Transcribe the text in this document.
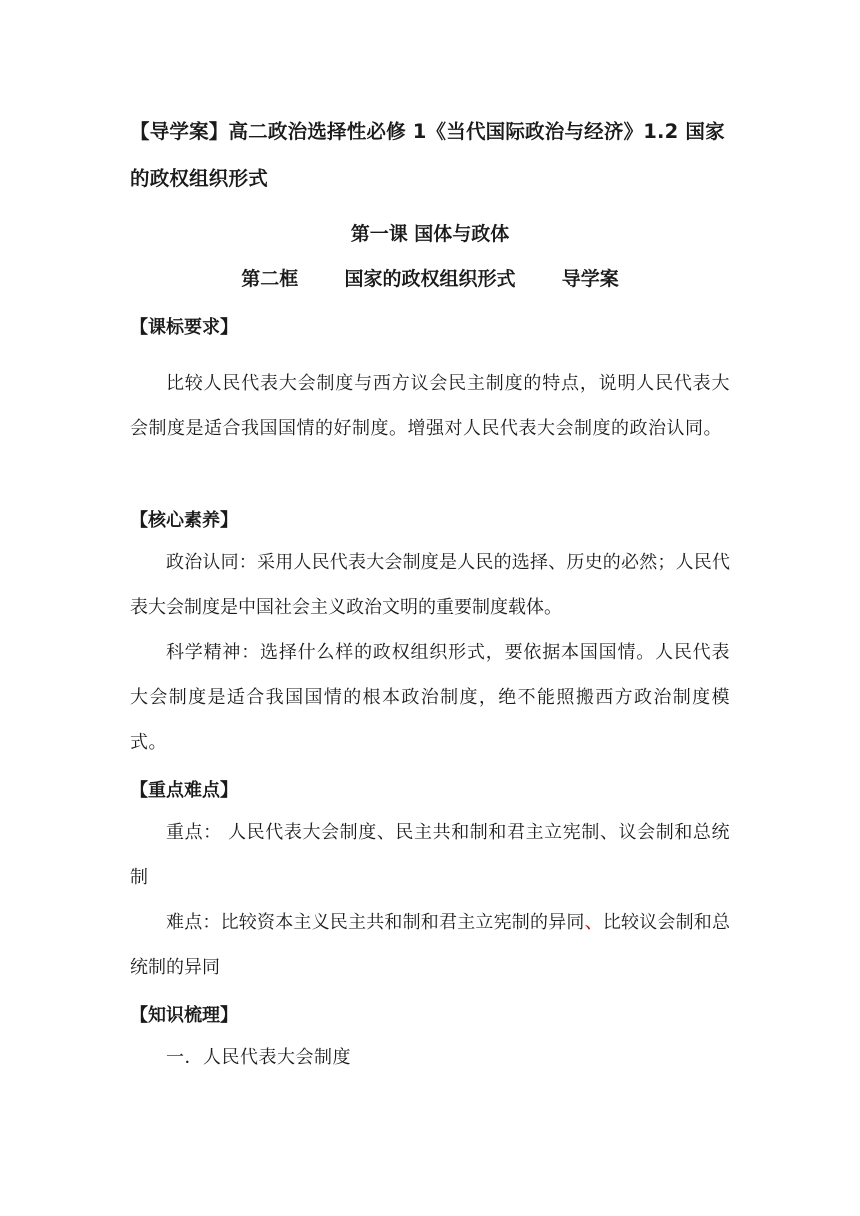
【导学案】高二政治选择性必修 1《当代国际政治与经济》1.2 国家的政权组织形式

第一课 国体与政体

第二框       国家的政权组织形式       导学案

【课标要求】

比较人民代表大会制度与西方议会民主制度的特点，说明人民代表大会制度是适合我国国情的好制度。增强对人民代表大会制度的政治认同。

【核心素养】

政治认同：采用人民代表大会制度是人民的选择、历史的必然；人民代表大会制度是中国社会主义政治文明的重要制度载体。

科学精神：选择什么样的政权组织形式，要依据本国国情。人民代表大会制度是适合我国国情的根本政治制度，绝不能照搬西方政治制度模式。

【重点难点】

重点： 人民代表大会制度、民主共和制和君主立宪制、议会制和总统制

难点：比较资本主义民主共和制和君主立宪制的异同、比较议会制和总统制的异同

【知识梳理】

一．人民代表大会制度
